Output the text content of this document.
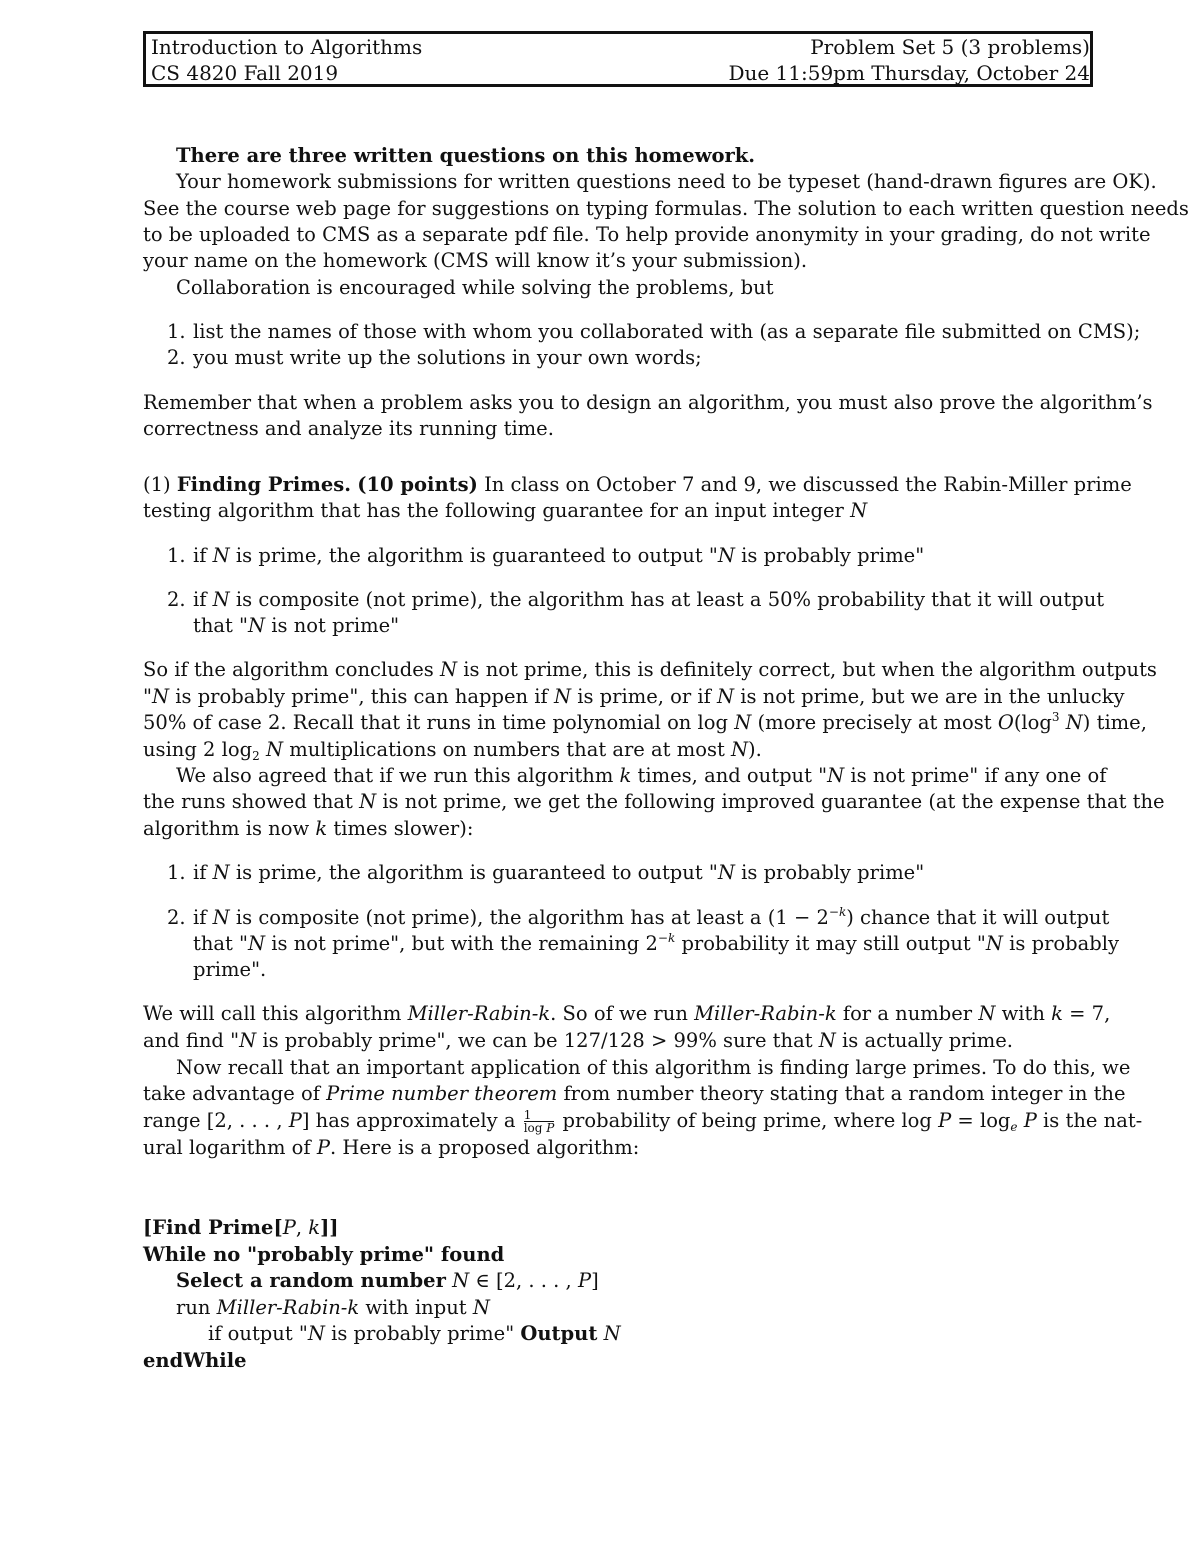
Introduction to Algorithms
CS 4820 Fall 2019
Problem Set 5 (3 problems)
Due 11:59pm Thursday, October 24
There are three written questions on this homework.
Your homework submissions for written questions need to be typeset (hand-drawn figures are OK).
See the course web page for suggestions on typing formulas. The solution to each written question needs
to be uploaded to CMS as a separate pdf file. To help provide anonymity in your grading, do not write
your name on the homework (CMS will know it’s your submission).
Collaboration is encouraged while solving the problems, but
1. list the names of those with whom you collaborated with (as a separate file submitted on CMS);
2. you must write up the solutions in your own words;
Remember that when a problem asks you to design an algorithm, you must also prove the algorithm’s
correctness and analyze its running time.
(1) Finding Primes. (10 points) In class on October 7 and 9, we discussed the Rabin-Miller prime
testing algorithm that has the following guarantee for an input integer N
1. if N is prime, the algorithm is guaranteed to output "N is probably prime"
2. if N is composite (not prime), the algorithm has at least a 50% probability that it will output
that "N is not prime"
So if the algorithm concludes N is not prime, this is definitely correct, but when the algorithm outputs
"N is probably prime", this can happen if N is prime, or if N is not prime, but we are in the unlucky
50% of case 2. Recall that it runs in time polynomial on log N (more precisely at most $O(\log^3$ N) time,
using 2 $\log_2 N$ multiplications on numbers that are at most N).
We also agreed that if we run this algorithm k times, and output "N is not prime" if any one of
the runs showed that N is not prime, we get the following improved guarantee (at the expense that the
algorithm is now k times slower):
1. if N is prime, the algorithm is guaranteed to output "N is probably prime"
2. if N is composite (not prime), the algorithm has at least a $(1 - 2^{-k})$ chance that it will output
that "N is not prime", but with the remaining $2^{-k}$ probability it may still output "N is probably
prime".
We will call this algorithm Miller-Rabin-k. So of we run Miller-Rabin-k for a number N with k = 7,
and find "N is probably prime", we can be 127/128 > 99% sure that N is actually prime.
Now recall that an important application of this algorithm is finding large primes. To do this, we
take advantage of Prime number theorem from number theory stating that a random integer in the
range [2, . . . , P] has approximately a $\frac{1}{\text{log P}}$ probability of being prime, where $\log P = \log_e P$ is the nat-
ural logarithm of P. Here is a proposed algorithm:
[Find Prime[P, k]]
While no "probably prime" found
Select a random number N ∈ [2, . . . , P]
run Miller-Rabin-k with input N
if output "N is probably prime" Output N
endWhile
